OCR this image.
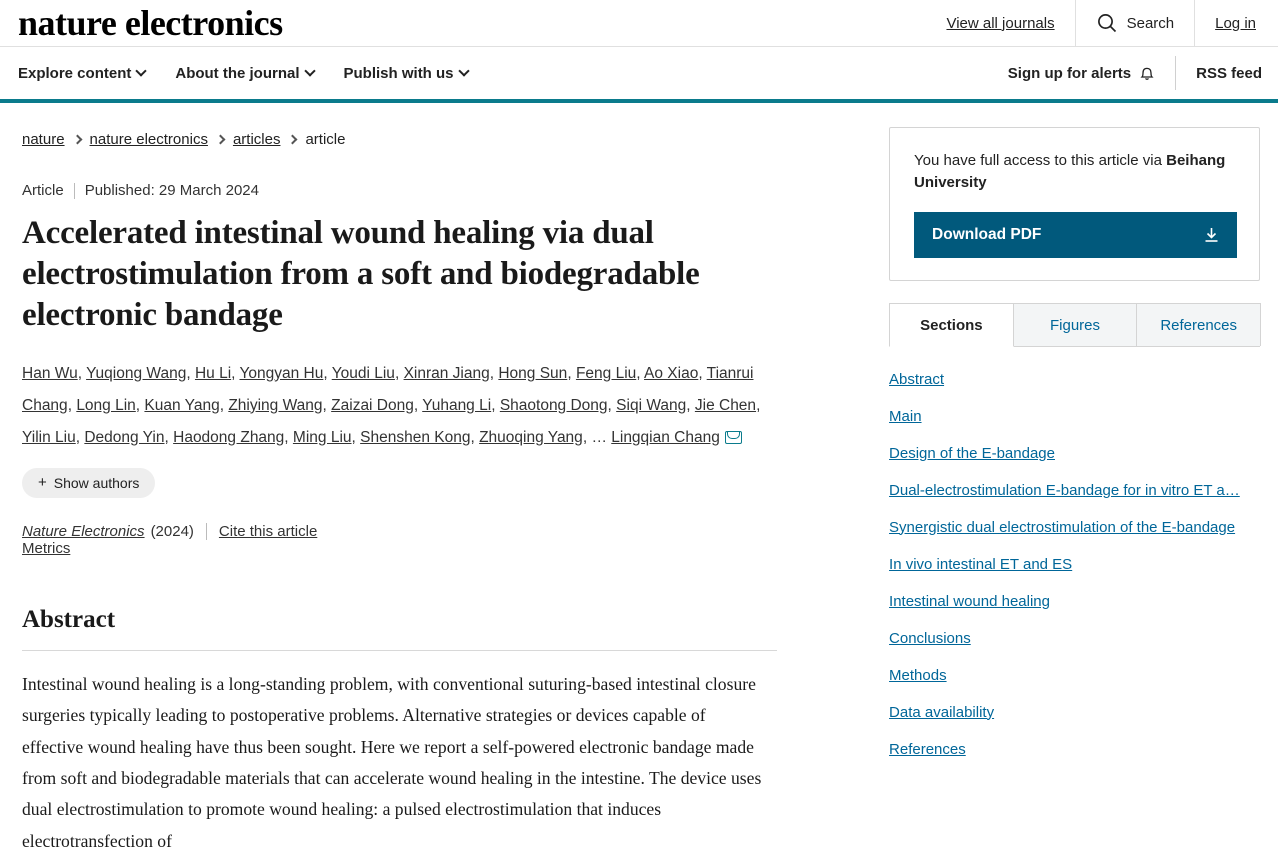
nature electronics	View all journals	Search	Log in
Explore content	About the journal	Publish with us	Sign up for alerts	RSS feed
nature nature electronics articles article
Article Published: 29 March 2024
Accelerated intestinal wound healing via dual electrostimulation from a soft and biodegradable electronic bandage
Han Wu, Yuqiong Wang, Hu Li, Yongyan Hu, Youdi Liu, Xinran Jiang, Hong Sun, Feng Liu, Ao Xiao, Tianrui Chang, Long Lin, Kuan Yang, Zhiying Wang, Zaizai Dong, Yuhang Li, Shaotong Dong, Siqi Wang, Jie Chen, Yilin Liu, Dedong Yin, Haodong Zhang, Ming Liu, Shenshen Kong, Zhuoqing Yang, … Lingqian Chang
+ Show authors
Nature Electronics (2024) Cite this article
Metrics
Abstract

Intestinal wound healing is a long-standing problem, with conventional suturing-based intestinal closure surgeries typically leading to postoperative problems. Alternative strategies or devices capable of effective wound healing have thus been sought. Here we report a self-powered electronic bandage made from soft and biodegradable materials that can accelerate wound healing in the intestine. The device uses dual electrostimulation to promote wound healing: a pulsed electrostimulation that induces electrotransfection of

You have full access to this article via Beihang University
Download PDF
Sections	Figures	References
Abstract
Main
Design of the E-bandage
Dual-electrostimulation E-bandage for in vitro ET a…
Synergistic dual electrostimulation of the E-bandage
In vivo intestinal ET and ES
Intestinal wound healing
Conclusions
Methods
Data availability
References
